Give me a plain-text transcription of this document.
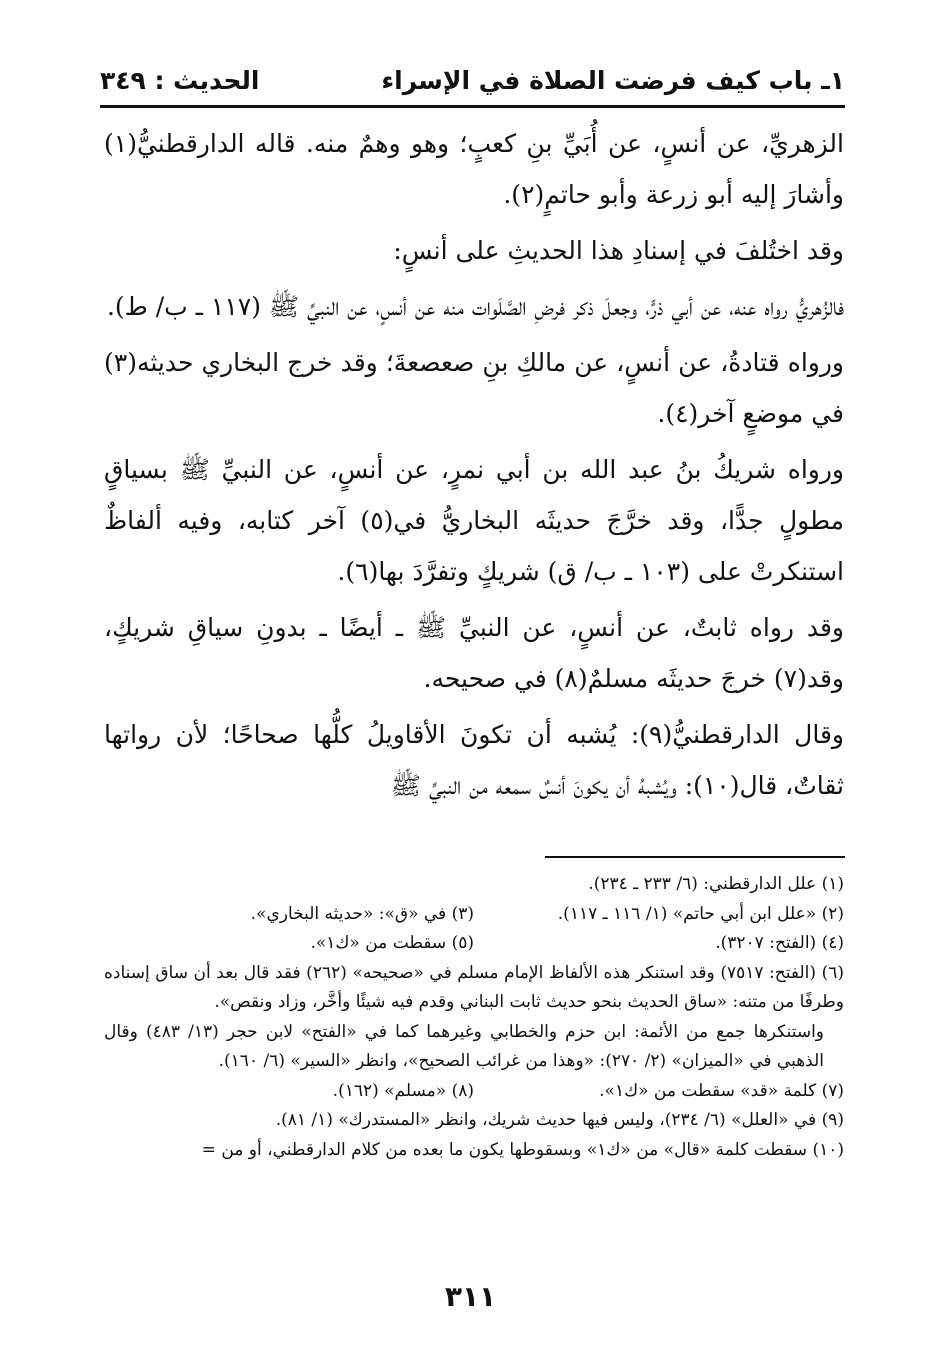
١ـ باب كيف فرضت الصلاة في الإسراء
الحديث : ٣٤٩

الزهريِّ، عن أنسٍ، عن أُبَيِّ بنِ كعبٍ؛ وهو وهمٌ منه. قاله الدارقطنيُّ(١) وأشارَ إليه أبو زرعة وأبو حاتمٍ(٢).

وقد اختُلفَ في إسنادِ هذا الحديثِ على أنسٍ:

فالزُهريُّ رواه عنه، عن أبي ذرٍّ، وجعلَ ذكر فرضِ الصَّلَوات منه عن أنسٍ، عن النبيِّ ﷺ (١١٧ ـ ب/ ط).

ورواه قتادةُ، عن أنسٍ، عن مالكِ بنِ صعصعةَ؛ وقد خرج البخاري حديثه(٣) في موضعٍ آخر(٤).

ورواه شريكُ بنُ عبد الله بن أبي نمرٍ، عن أنسٍ، عن النبيِّ ﷺ بسياقٍ مطولٍ جدًّا، وقد خرَّجَ حديثَه البخاريُّ في(٥) آخر كتابه، وفيه ألفاظٌ استنكرتْ على (١٠٣ ـ ب/ ق) شريكٍ وتفرَّدَ بها(٦).

وقد رواه ثابتٌ، عن أنسٍ، عن النبيِّ ﷺ ـ أيضًا ـ بدونِ سياقِ شريكٍ، وقد(٧) خرجَ حديثَه مسلمٌ(٨) في صحيحه.

وقال الدارقطنيُّ(٩): يُشبه أن تكونَ الأقاويلُ كلُّها صحاحًا؛ لأن رواتها ثقاتٌ، قال(١٠): ويُشبهُ أن يكونَ أنسٌ سمعه من النبيِّ ﷺ

(١) علل الدارقطني: (٦/ ٢٣٣ ـ ٢٣٤).
(٢) «علل ابن أبي حاتم» (١/ ١١٦ ـ ١١٧).
(٣) في «ق»: «حديثه البخاري».
(٤) (الفتح: ٣٢٠٧).
(٥) سقطت من «ك١».
(٦) (الفتح: ٧٥١٧) وقد استنكر هذه الألفاظ الإمام مسلم في «صحيحه» (٢٦٢) فقد قال بعد أن ساق إسناده وطرفًا من متنه: «ساق الحديث بنحو حديث ثابت البناني وقدم فيه شيئًا وأخَّر، وزاد ونقص».
واستنكرها جمع من الأئمة: ابن حزم والخطابي وغيرهما كما في «الفتح» لابن حجر (١٣/ ٤٨٣) وقال الذهبي في «الميزان» (٢/ ٢٧٠): «وهذا من غرائب الصحيح»، وانظر «السير» (٦/ ١٦٠).
(٧) كلمة «قد» سقطت من «ك١».
(٨) «مسلم» (١٦٢).
(٩) في «العلل» (٦/ ٢٣٤)، وليس فيها حديث شريك، وانظر «المستدرك» (١/ ٨١).
(١٠) سقطت كلمة «قال» من «ك١» وبسقوطها يكون ما بعده من كلام الدارقطني، أو من =
٣١١
